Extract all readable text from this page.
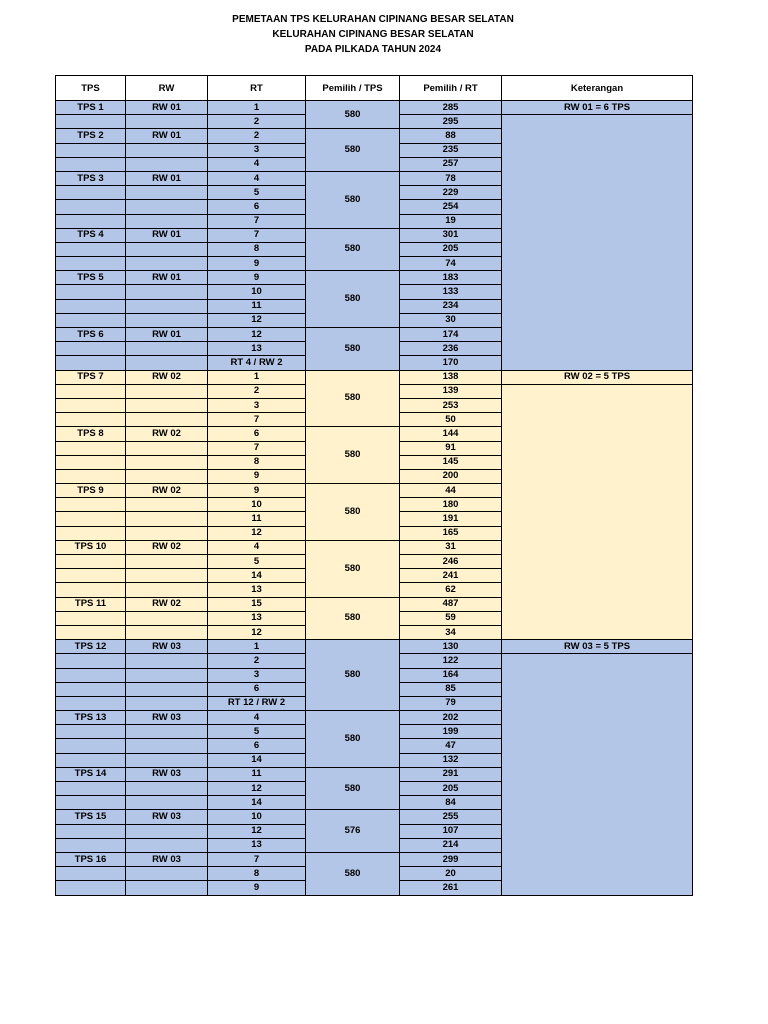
PEMETAAN TPS KELURAHAN CIPINANG BESAR SELATAN
KELURAHAN CIPINANG BESAR SELATAN
PADA PILKADA TAHUN 2024
TPS	RW	RT	Pemilih / TPS	Pemilih / RT	Keterangan
TPS 1	RW 01	1	580	285	RW 01 = 6 TPS
		2		295	
TPS 2	RW 01	2	580	88	
		3		235	
		4		257	
TPS 3	RW 01	4	580	78	
		5		229	
		6		254	
		7		19	
TPS 4	RW 01	7	580	301	
		8		205	
		9		74	
TPS 5	RW 01	9	580	183	
		10		133	
		11		234	
		12		30	
TPS 6	RW 01	12	580	174	
		13		236	
		RT 4 / RW 2		170	
TPS 7	RW 02	1	580	138	RW 02 = 5 TPS
		2		139	
		3		253	
		7		50	
TPS 8	RW 02	6	580	144	
		7		91	
		8		145	
		9		200	
TPS 9	RW 02	9	580	44	
		10		180	
		11		191	
		12		165	
TPS 10	RW 02	4	580	31	
		5		246	
		14		241	
		13		62	
TPS 11	RW 02	15	580	487	
		13		59	
		12		34	
TPS 12	RW 03	1	580	130	RW 03 = 5 TPS
		2		122	
		3		164	
		6		85	
		RT 12 / RW 2		79	
TPS 13	RW 03	4	580	202	
		5		199	
		6		47	
		14		132	
TPS 14	RW 03	11	580	291	
		12		205	
		14		84	
TPS 15	RW 03	10	576	255	
		12		107	
		13		214	
TPS 16	RW 03	7	580	299	
		8		20	
		9		261	
